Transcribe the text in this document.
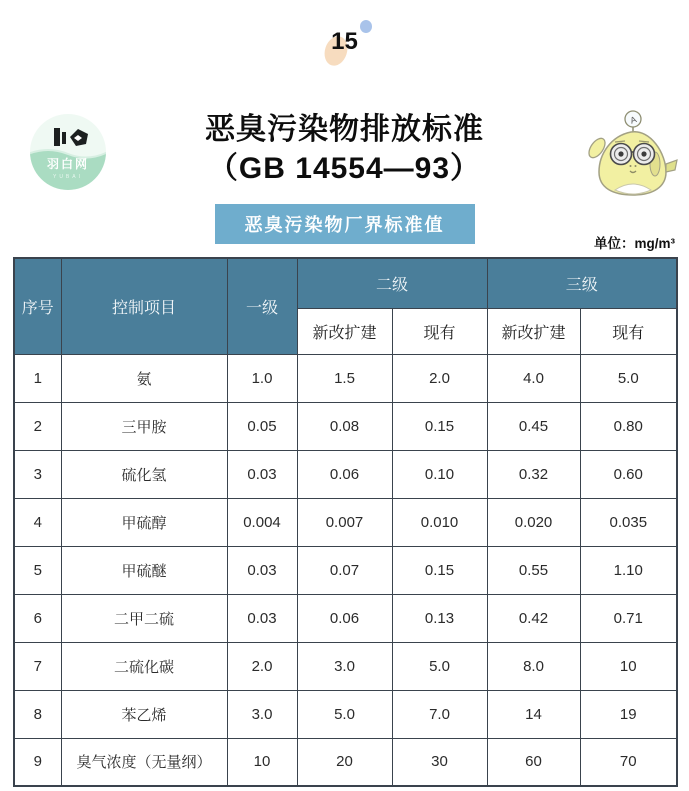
15
羽白网
YUBAI
恶臭污染物排放标准
（GB 14554—93）
A
恶臭污染物厂界标准值
单位：mg/m³
序号	控制项目	一级	二级		三级	
			新改扩建	现有	新改扩建	现有
1	氨	1.0	1.5	2.0	4.0	5.0
2	三甲胺	0.05	0.08	0.15	0.45	0.80
3	硫化氢	0.03	0.06	0.10	0.32	0.60
4	甲硫醇	0.004	0.007	0.010	0.020	0.035
5	甲硫醚	0.03	0.07	0.15	0.55	1.10
6	二甲二硫	0.03	0.06	0.13	0.42	0.71
7	二硫化碳	2.0	3.0	5.0	8.0	10
8	苯乙烯	3.0	5.0	7.0	14	19
9	臭气浓度（无量纲）	10	20	30	60	70
